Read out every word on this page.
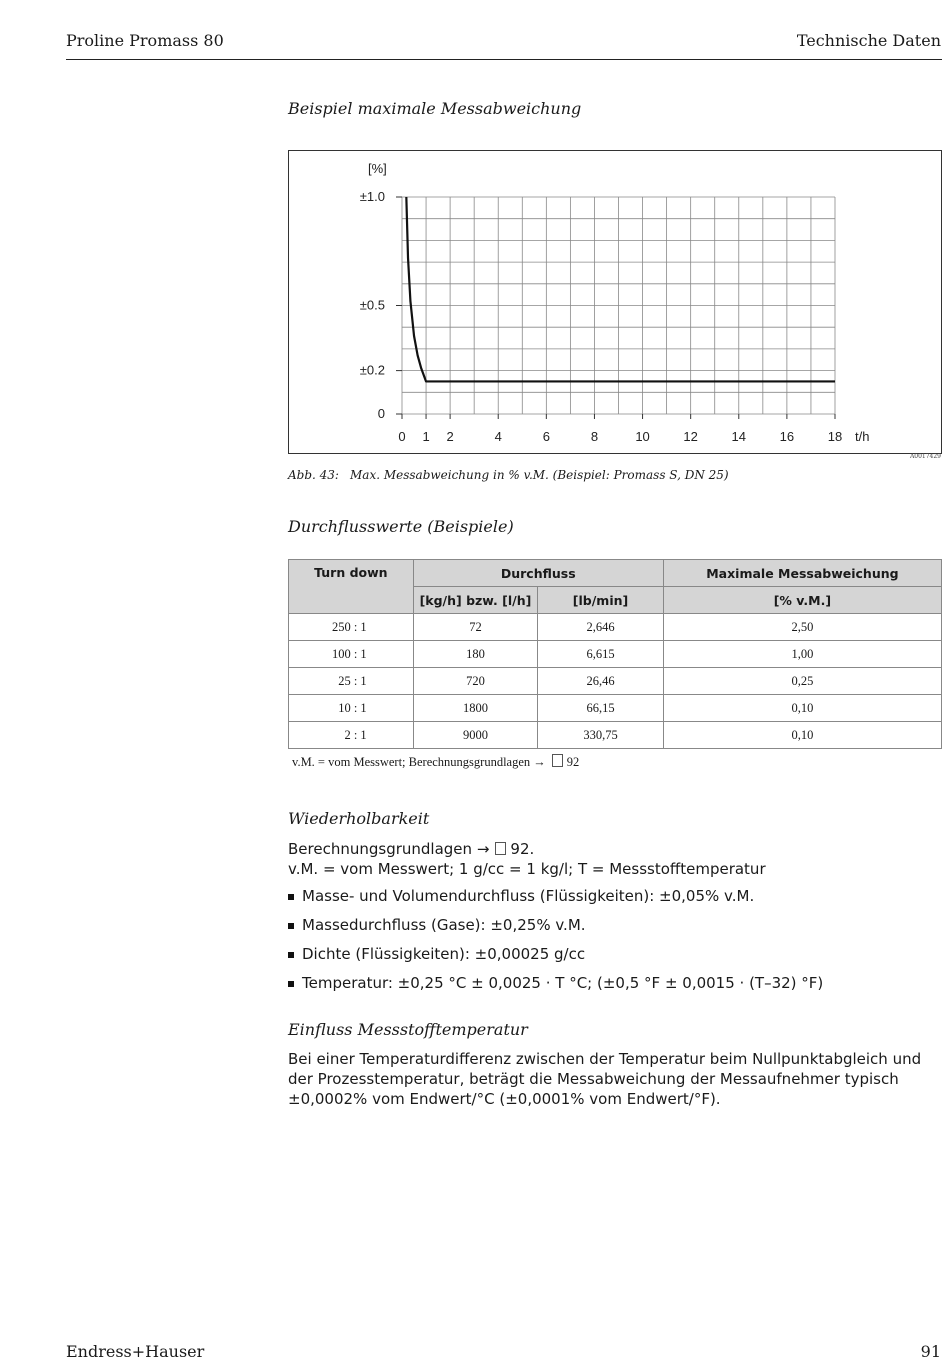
Proline Promass 80	Technische Daten
Beispiel maximale Messabweichung
±1.0
±0.5
±0.2
0
0 1 2	4	6	8	10	12	14	16	18
[%]
t/h
A0017429
Abb. 43: Max. Messabweichung in % v.M. (Beispiel: Promass S, DN 25)
Durchflusswerte (Beispiele)
Turn down	Durchfluss		Maximale Messabweichung
	[kg/h] bzw. [l/h]	[lb/min]	[% v.M.]
250 : 1	72	2,646	2,50
100 : 1	180	6,615	1,00
25 : 1	720	26,46	0,25
10 : 1	1800	66,15	0,10
2 : 1	9000	330,75	0,10
v.M. = vom Messwert; Berechnungsgrundlagen → 92
Wiederholbarkeit
Berechnungsgrundlagen → 92.
v.M. = vom Messwert; 1 g/cc = 1 kg/l; T = Messstofftemperatur
Masse- und Volumendurchfluss (Flüssigkeiten): ±0,05% v.M.
Massedurchfluss (Gase): ±0,25% v.M.
Dichte (Flüssigkeiten): ±0,00025 g/cc
Temperatur: ±0,25 °C ± 0,0025 · T °C; (±0,5 °F ± 0,0015 · (T–32) °F)
Einfluss Messstofftemperatur
Bei einer Temperaturdifferenz zwischen der Temperatur beim Nullpunktabgleich und der Prozesstemperatur, beträgt die Messabweichung der Messaufnehmer typisch ±0,0002% vom Endwert/°C (±0,0001% vom Endwert/°F).
Endress+Hauser	91
